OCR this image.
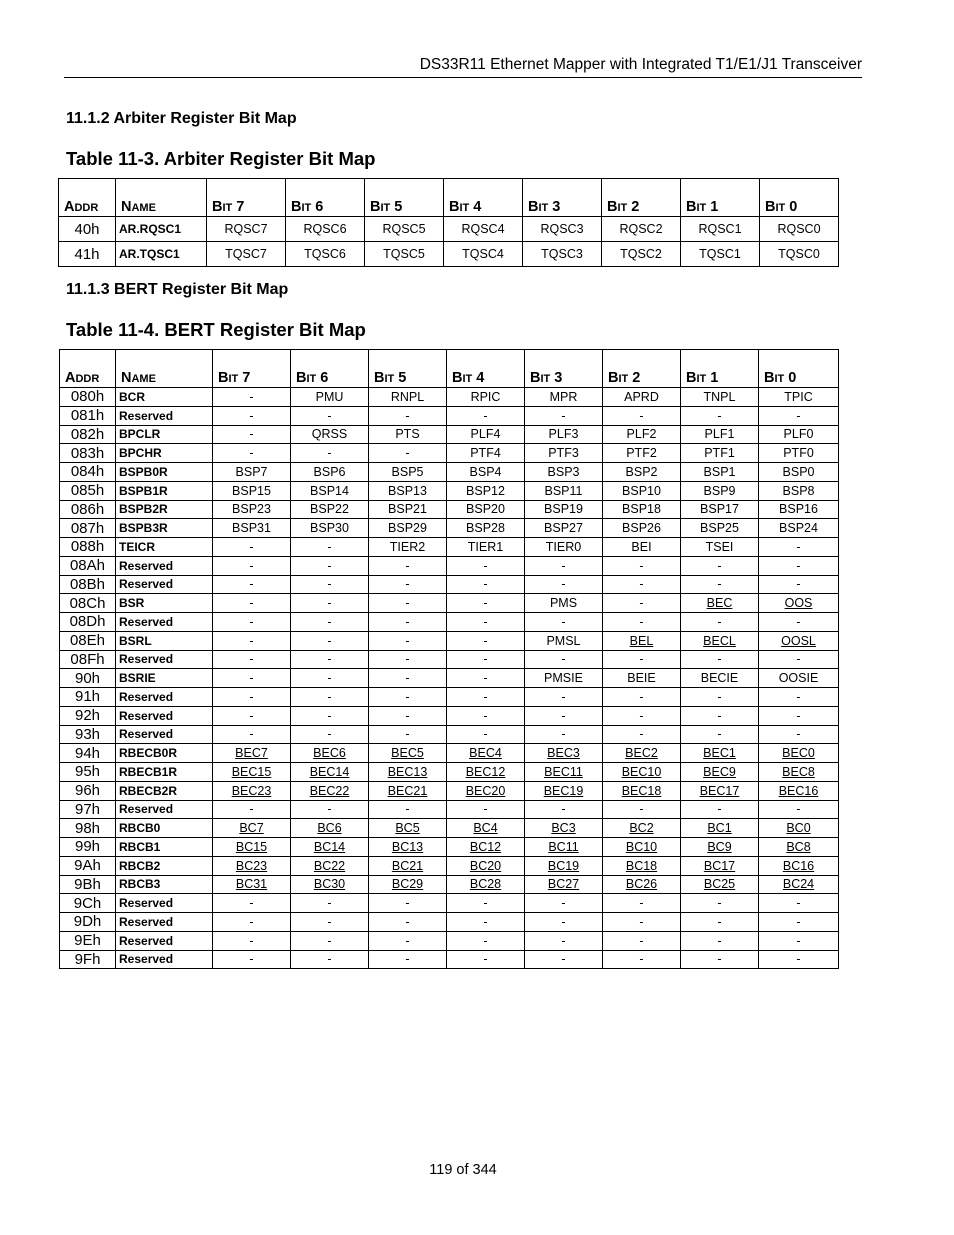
DS33R11 Ethernet Mapper with Integrated T1/E1/J1 Transceiver
11.1.2 Arbiter Register Bit Map
Table 11-3. Arbiter Register Bit Map
ADDR	NAME	BIT 7	BIT 6	BIT 5	BIT 4	BIT 3	BIT 2	BIT 1	BIT 0
40h	AR.RQSC1	RQSC7	RQSC6	RQSC5	RQSC4	RQSC3	RQSC2	RQSC1	RQSC0
41h	AR.TQSC1	TQSC7	TQSC6	TQSC5	TQSC4	TQSC3	TQSC2	TQSC1	TQSC0
11.1.3 BERT Register Bit Map
Table 11-4. BERT Register Bit Map
ADDR	NAME	BIT 7	BIT 6	BIT 5	BIT 4	BIT 3	BIT 2	BIT 1	BIT 0
080h	BCR	-	PMU	RNPL	RPIC	MPR	APRD	TNPL	TPIC
081h	Reserved	-	-	-	-	-	-	-	-
082h	BPCLR	-	QRSS	PTS	PLF4	PLF3	PLF2	PLF1	PLF0
083h	BPCHR	-	-	-	PTF4	PTF3	PTF2	PTF1	PTF0
084h	BSPB0R	BSP7	BSP6	BSP5	BSP4	BSP3	BSP2	BSP1	BSP0
085h	BSPB1R	BSP15	BSP14	BSP13	BSP12	BSP11	BSP10	BSP9	BSP8
086h	BSPB2R	BSP23	BSP22	BSP21	BSP20	BSP19	BSP18	BSP17	BSP16
087h	BSPB3R	BSP31	BSP30	BSP29	BSP28	BSP27	BSP26	BSP25	BSP24
088h	TEICR	-	-	TIER2	TIER1	TIER0	BEI	TSEI	-
08Ah	Reserved	-	-	-	-	-	-	-	-
08Bh	Reserved	-	-	-	-	-	-	-	-
08Ch	BSR	-	-	-	-	PMS	-	BEC	OOS
08Dh	Reserved	-	-	-	-	-	-	-	-
08Eh	BSRL	-	-	-	-	PMSL	BEL	BECL	OOSL
08Fh	Reserved	-	-	-	-	-	-	-	-
90h	BSRIE	-	-	-	-	PMSIE	BEIE	BECIE	OOSIE
91h	Reserved	-	-	-	-	-	-	-	-
92h	Reserved	-	-	-	-	-	-	-	-
93h	Reserved	-	-	-	-	-	-	-	-
94h	RBECB0R	BEC7	BEC6	BEC5	BEC4	BEC3	BEC2	BEC1	BEC0
95h	RBECB1R	BEC15	BEC14	BEC13	BEC12	BEC11	BEC10	BEC9	BEC8
96h	RBECB2R	BEC23	BEC22	BEC21	BEC20	BEC19	BEC18	BEC17	BEC16
97h	Reserved	-	-	-	-	-	-	-	-
98h	RBCB0	BC7	BC6	BC5	BC4	BC3	BC2	BC1	BC0
99h	RBCB1	BC15	BC14	BC13	BC12	BC11	BC10	BC9	BC8
9Ah	RBCB2	BC23	BC22	BC21	BC20	BC19	BC18	BC17	BC16
9Bh	RBCB3	BC31	BC30	BC29	BC28	BC27	BC26	BC25	BC24
9Ch	Reserved	-	-	-	-	-	-	-	-
9Dh	Reserved	-	-	-	-	-	-	-	-
9Eh	Reserved	-	-	-	-	-	-	-	-
9Fh	Reserved	-	-	-	-	-	-	-	-
119 of 344
